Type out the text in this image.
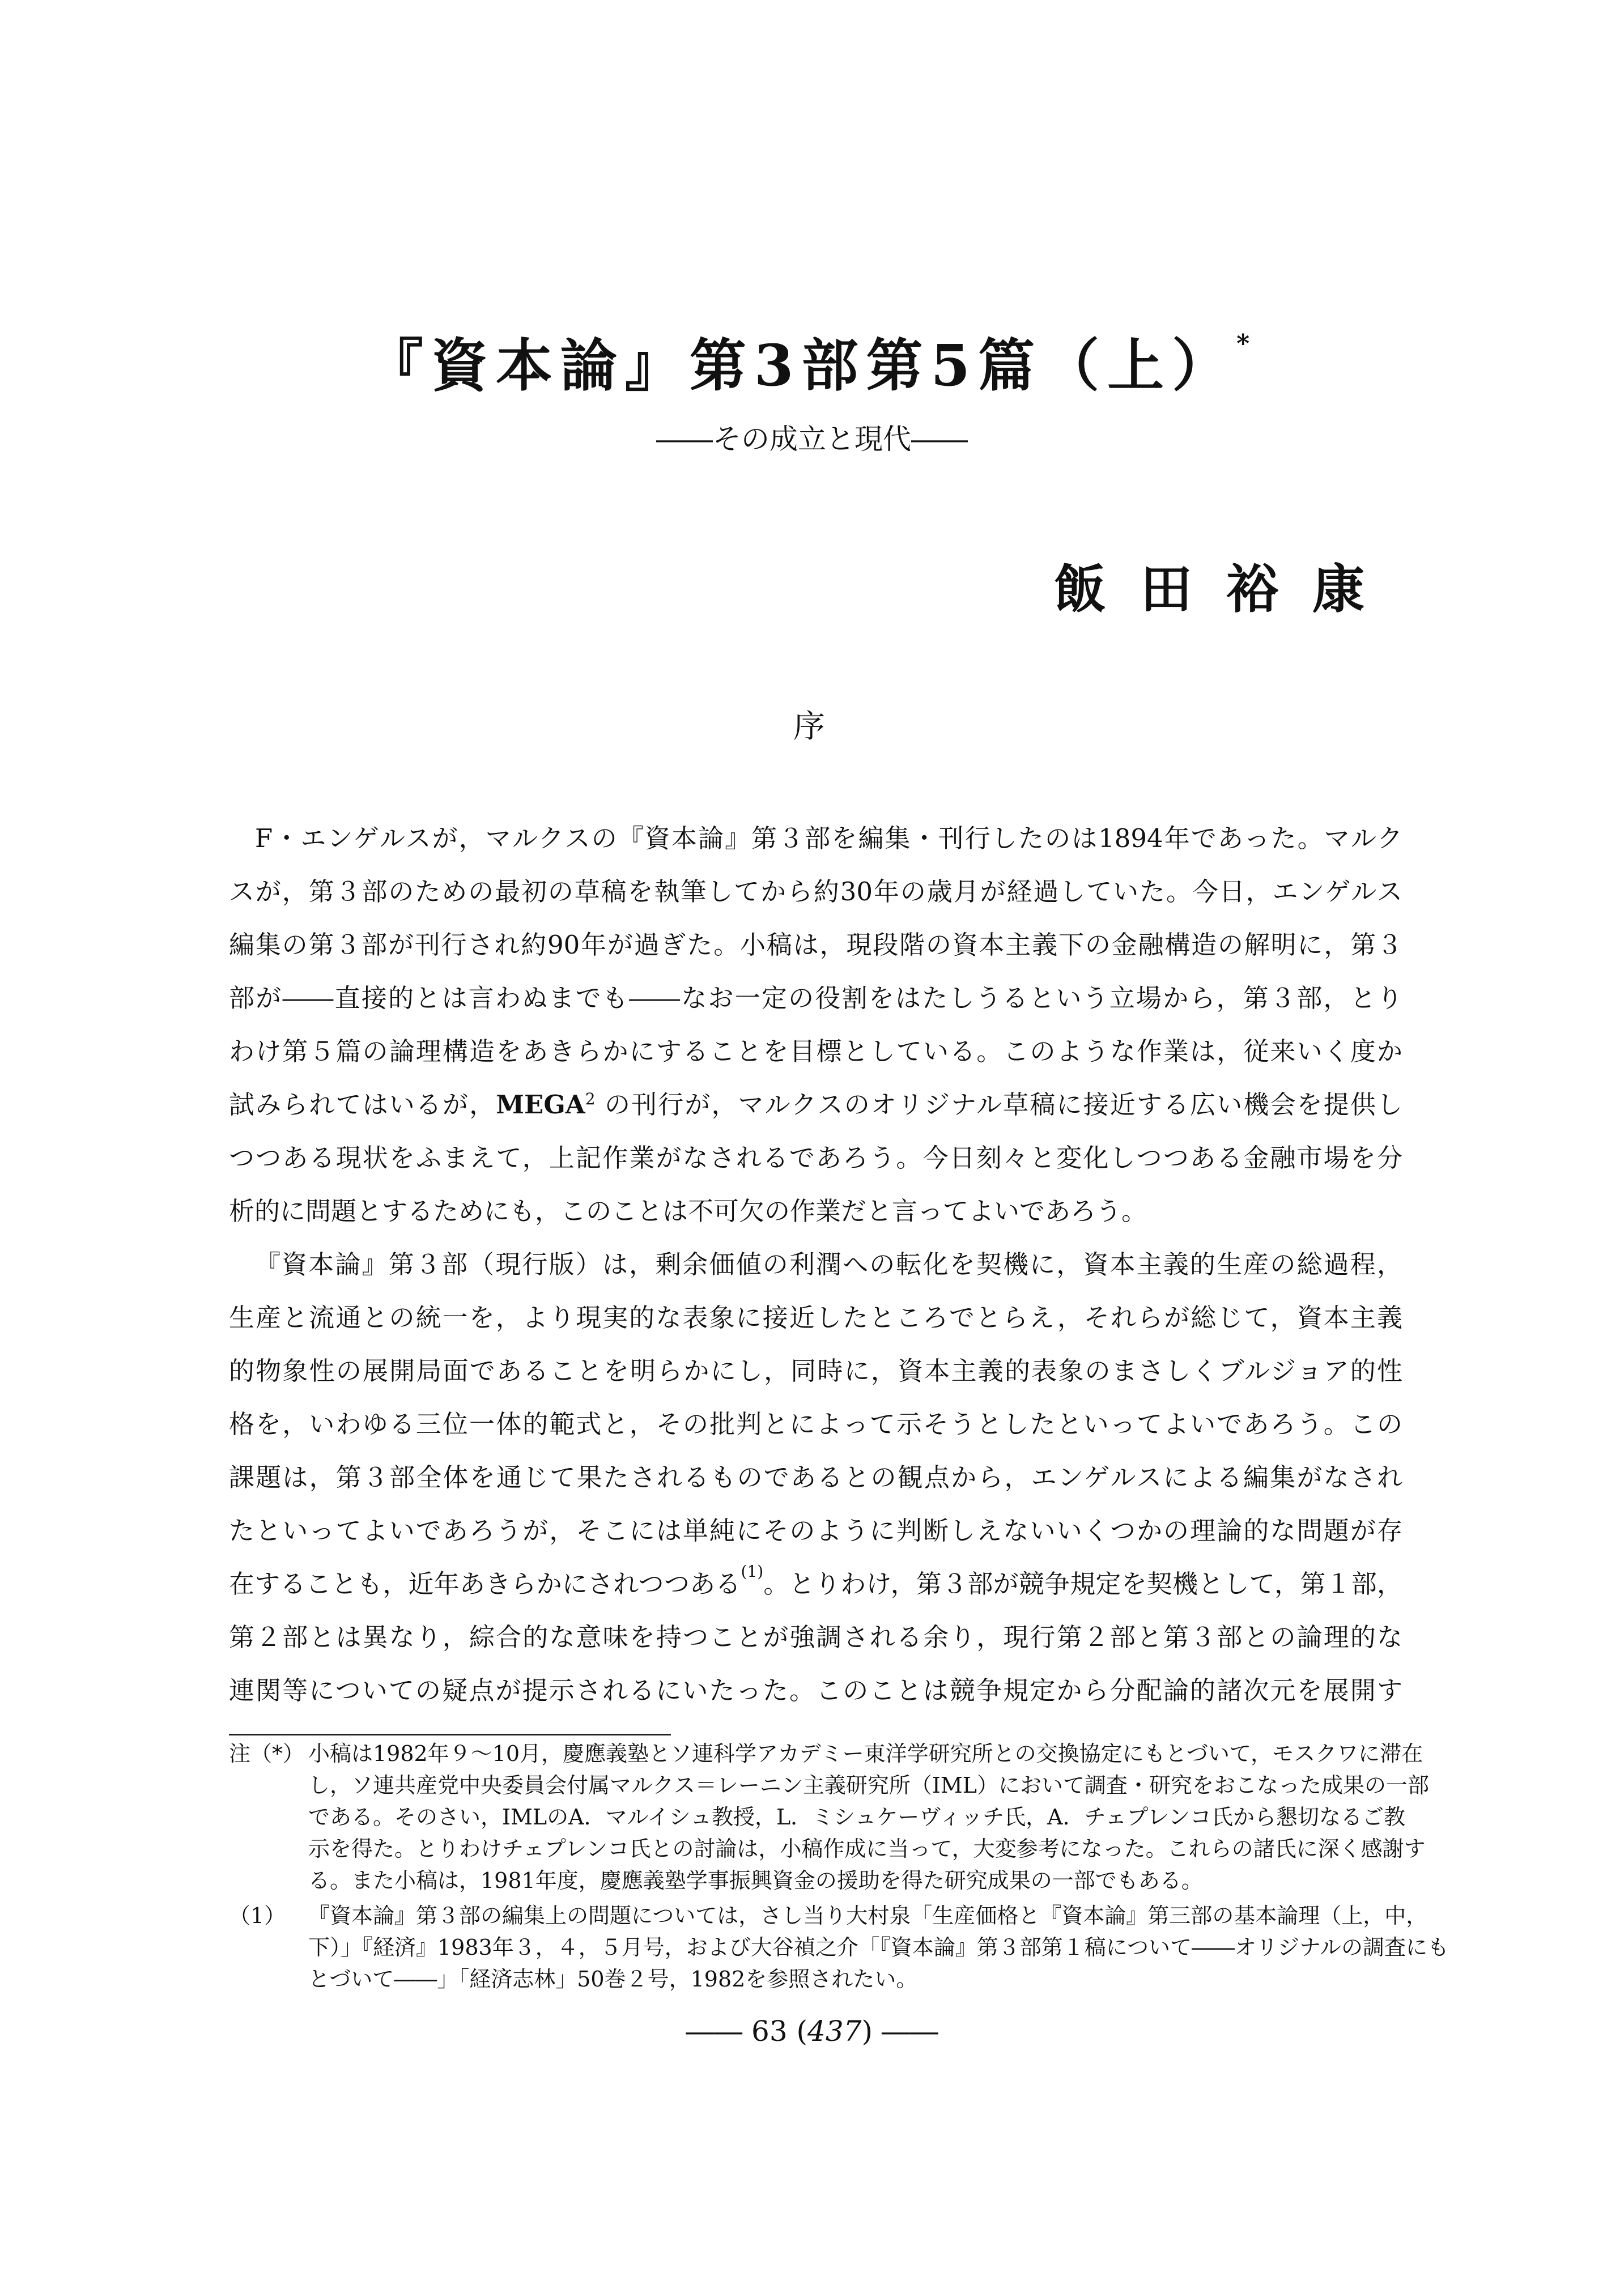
『資本論』第3部第5篇（上）*
――その成立と現代――
飯田裕康
序
F・エンゲルスが，マルクスの『資本論』第３部を編集・刊行したのは1894年であった。マルク
スが，第３部のための最初の草稿を執筆してから約30年の歳月が経過していた。今日，エンゲルス
編集の第３部が刊行され約90年が過ぎた。小稿は，現段階の資本主義下の金融構造の解明に，第３
部が――直接的とは言わぬまでも――なお一定の役割をはたしうるという立場から，第３部，とり
わけ第５篇の論理構造をあきらかにすることを目標としている。このような作業は，従来いく度か
試みられてはいるが，MEGA$^2$ の刊行が，マルクスのオリジナル草稿に接近する広い機会を提供し
つつある現状をふまえて，上記作業がなされるであろう。今日刻々と変化しつつある金融市場を分
析的に問題とするためにも，このことは不可欠の作業だと言ってよいであろう。
『資本論』第３部（現行版）は，剰余価値の利潤への転化を契機に，資本主義的生産の総過程，
生産と流通との統一を，より現実的な表象に接近したところでとらえ，それらが総じて，資本主義
的物象性の展開局面であることを明らかにし，同時に，資本主義的表象のまさしくブルジョア的性
格を，いわゆる三位一体的範式と，その批判とによって示そうとしたといってよいであろう。この
課題は，第３部全体を通じて果たされるものであるとの観点から，エンゲルスによる編集がなされ
たといってよいであろうが，そこには単純にそのように判断しえないいくつかの理論的な問題が存
在することも，近年あきらかにされつつある$^{(1)}$。とりわけ，第３部が競争規定を契機として，第１部，
第２部とは異なり，綜合的な意味を持つことが強調される余り，現行第２部と第３部との論理的な
連関等についての疑点が提示されるにいたった。このことは競争規定から分配論的諸次元を展開す
注（*） 小稿は1982年９～10月，慶應義塾とソ連科学アカデミー東洋学研究所との交換協定にもとづいて，モスクワに滞在
し，ソ連共産党中央委員会付属マルクス＝レーニン主義研究所（IML）において調査・研究をおこなった成果の一部
である。そのさい，IMLのA．マルイシュ教授，L．ミシュケーヴィッチ氏，A．チェプレンコ氏から懇切なるご教
示を得た。とりわけチェプレンコ氏との討論は，小稿作成に当って，大変参考になった。これらの諸氏に深く感謝す
る。また小稿は，1981年度，慶應義塾学事振興資金の援助を得た研究成果の一部でもある。
（1） 『資本論』第３部の編集上の問題については，さし当り大村泉「生産価格と『資本論』第三部の基本論理（上，中，
下）」『経済』1983年３，４，５月号，および大谷禎之介「『資本論』第３部第１稿について――オリジナルの調査にも
とづいて――」「経済志林」50巻２号，1982を参照されたい。
―― 63 (437) ――
